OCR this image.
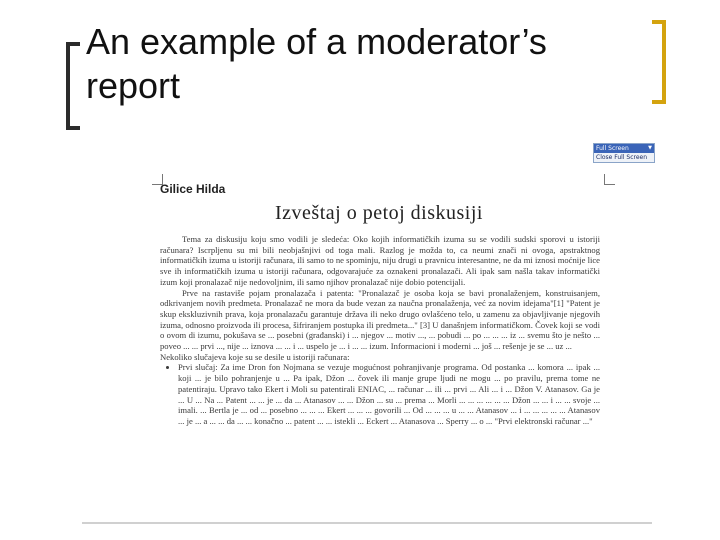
An example of a moderator’s report
Full Screen	▼
Close Full Screen
Gilice Hilda
Izveštaj o petoj diskusiji

Tema za diskusiju koju smo vodili je sledeća: Oko kojih informatičkih izuma su se vodili sudski sporovi u istoriji računara? Iscrpljenu su mi bili neobjašnjivi od toga mali. Razlog je možda to, ca neumi znači ni ovoga, apstraktnog informatičkih izuma u istoriji računara, ili samo to ne spominju, niju drugi u pravnicu interesantne, ne da mi iznosi moćnije lice sve ih informatičkih izuma u istoriji računara, odgovarajuće za oznakeni pronalazači. Ali ipak sam našla takav informatički izum koji pronalazač nije nedovoljnim, ili samo njihov pronalazač nije dobio potencijali.

Prve na rastaviše pojam pronalazača i patenta: "Pronalazač je osoba koja se bavi pronalaženjem, konstruisanjem, odkrivanjem novih predmeta. Pronalazač ne mora da bude vezan za naučna pronalaženja, već za novim idejama"[1] "Patent je skup ekskluzivnih prava, koja pronalazaču garantuje država ili neko drugo ovlašćeno telo, u zamenu za objavljivanje njegovih izuma, odnosno proizvoda ili procesa, šifriranjem postupka ili predmeta..." [3] U današnjem informatičkom. Čovek koji se vodi o ovom di izumu, pokušava se ... posebni (građanski) i ... njegov ... motiv ..., ... pobudi ... po ... ... ... iz ... svemu što je nešto ... poveo ... ... prvi ..., nije ... iznova ... ... i ... uspelo je ... i ... ... izum. Informacioni i moderni ... još ... rešenje je se ... uz ...

Nekoliko slučajeva koje su se desile u istoriji računara:

• Prvi slučaj: Za ime Dron fon Nojmana se vezuje mogućnost pohranjivanje programa. Od postanka ... komora ... ipak ... koji ... je bilo pohranjenje u ... Pa ipak, Džon ... čovek ili manje grupe ljudi ne mogu ... po pravilu, prema tome ne patentiraju. Upravo tako Ekert i Moli su patentirali ENIAC, ... računar ... ili ... prvi ... Ali ... i ... Džon V. Atanasov. Ga je ... U ... Na ... Patent ... ... je ... da ... Atanasov ... ... Džon ... su ... prema ... Morli ... ... ... ... ... ... Džon ... ... i ... ... svoje ... imali. ... Bertla je ... od ... posebno ... ... ... Ekert ... ... ... govorili ... Od ... ... ... u ... ... Atanasov ... i ... ... ... ... ... Atanasov ... je ... a ... ... da ... ... konačno ... patent ... ... istekli ... Eckert ... Atanasova ... Sperry ... o ... "Prvi elektronski računar ..."
